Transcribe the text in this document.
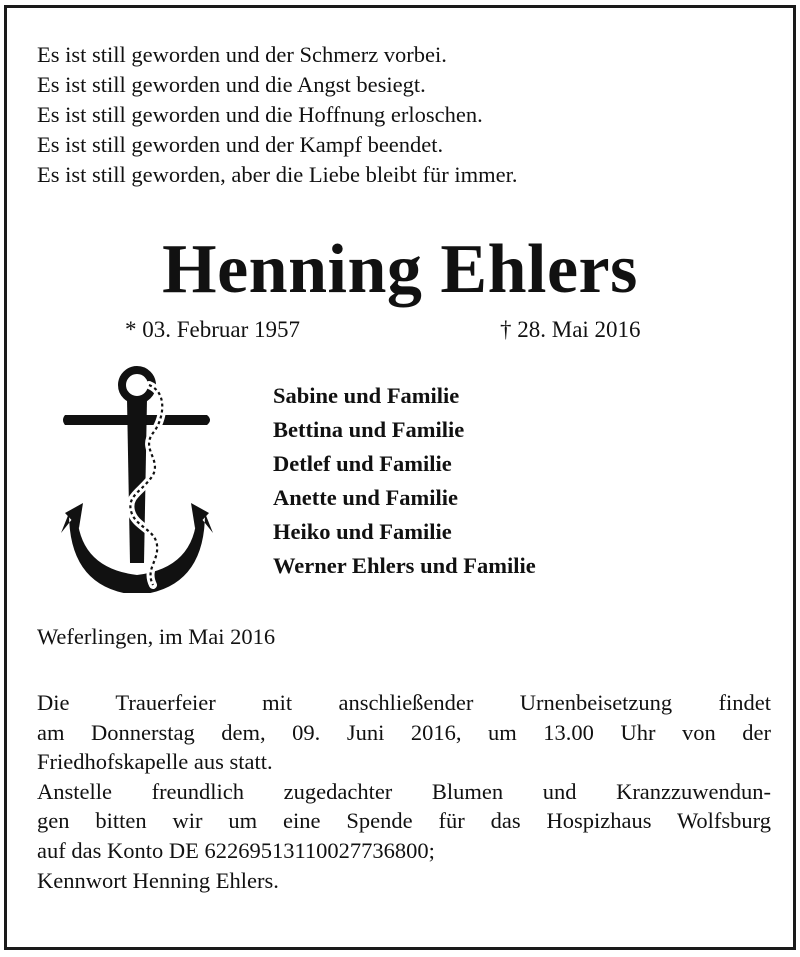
Es ist still geworden und der Schmerz vorbei.
Es ist still geworden und die Angst besiegt.
Es ist still geworden und die Hoffnung erloschen.
Es ist still geworden und der Kampf beendet.
Es ist still geworden, aber die Liebe bleibt für immer.
Henning Ehlers
* 03. Februar 1957	† 28. Mai 2016
Sabine und Familie
Bettina und Familie
Detlef und Familie
Anette und Familie
Heiko und Familie
Werner Ehlers und Familie
Weferlingen, im Mai 2016
Die Trauerfeier mit anschließender Urnenbeisetzung findet
am Donnerstag dem, 09. Juni 2016, um 13.00 Uhr von der
Friedhofskapelle aus statt.
Anstelle freundlich zugedachter Blumen und Kranzzuwendun-
gen bitten wir um eine Spende für das Hospizhaus Wolfsburg
auf das Konto DE 62269513110027736800;
Kennwort Henning Ehlers.
